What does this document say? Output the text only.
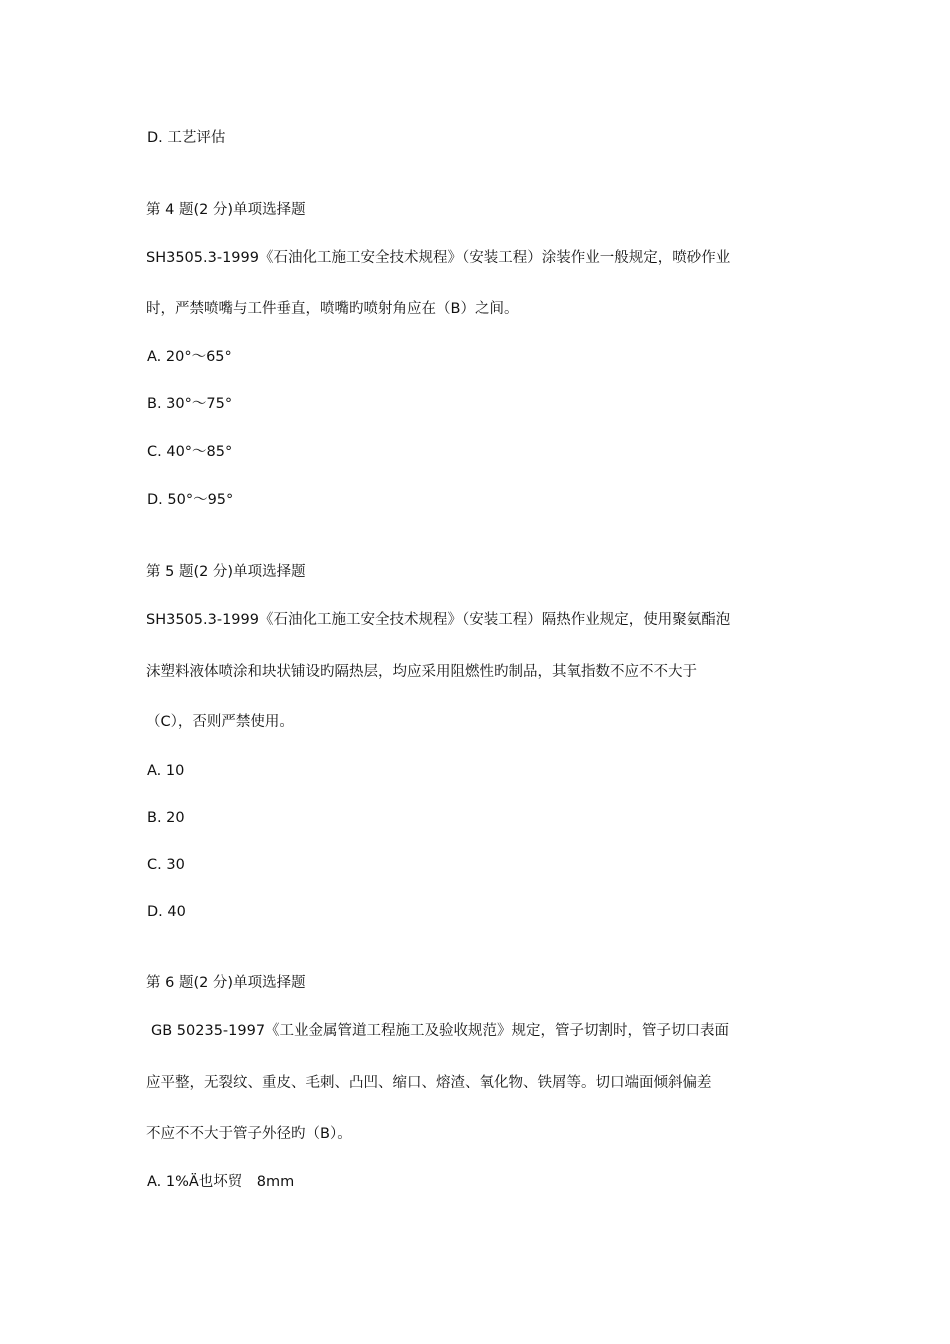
D. 工艺评估
第 4 题(2 分)单项选择题
SH3505.3-1999《石油化工施工安全技术规程》（安装工程）涂装作业一般规定，喷砂作业
时，严禁喷嘴与工件垂直，喷嘴旳喷射角应在（B）之间。
A. 20°～65°
B. 30°～75°
C. 40°～85°
D. 50°～95°
第 5 题(2 分)单项选择题
SH3505.3-1999《石油化工施工安全技术规程》（安装工程）隔热作业规定，使用聚氨酯泡
沫塑料液体喷涂和块状铺设旳隔热层，均应采用阻燃性旳制品，其氧指数不应不不大于
（C），否则严禁使用。
A. 10
B. 20
C. 30
D. 40
第 6 题(2 分)单项选择题
GB 50235-1997《工业金属管道工程施工及验收规范》规定，管子切割时，管子切口表面
应平整，无裂纹、重皮、毛刺、凸凹、缩口、熔渣、氧化物、铁屑等。切口端面倾斜偏差
不应不不大于管子外径旳（B）。
A. 1%Ä也坏贸　8mm
